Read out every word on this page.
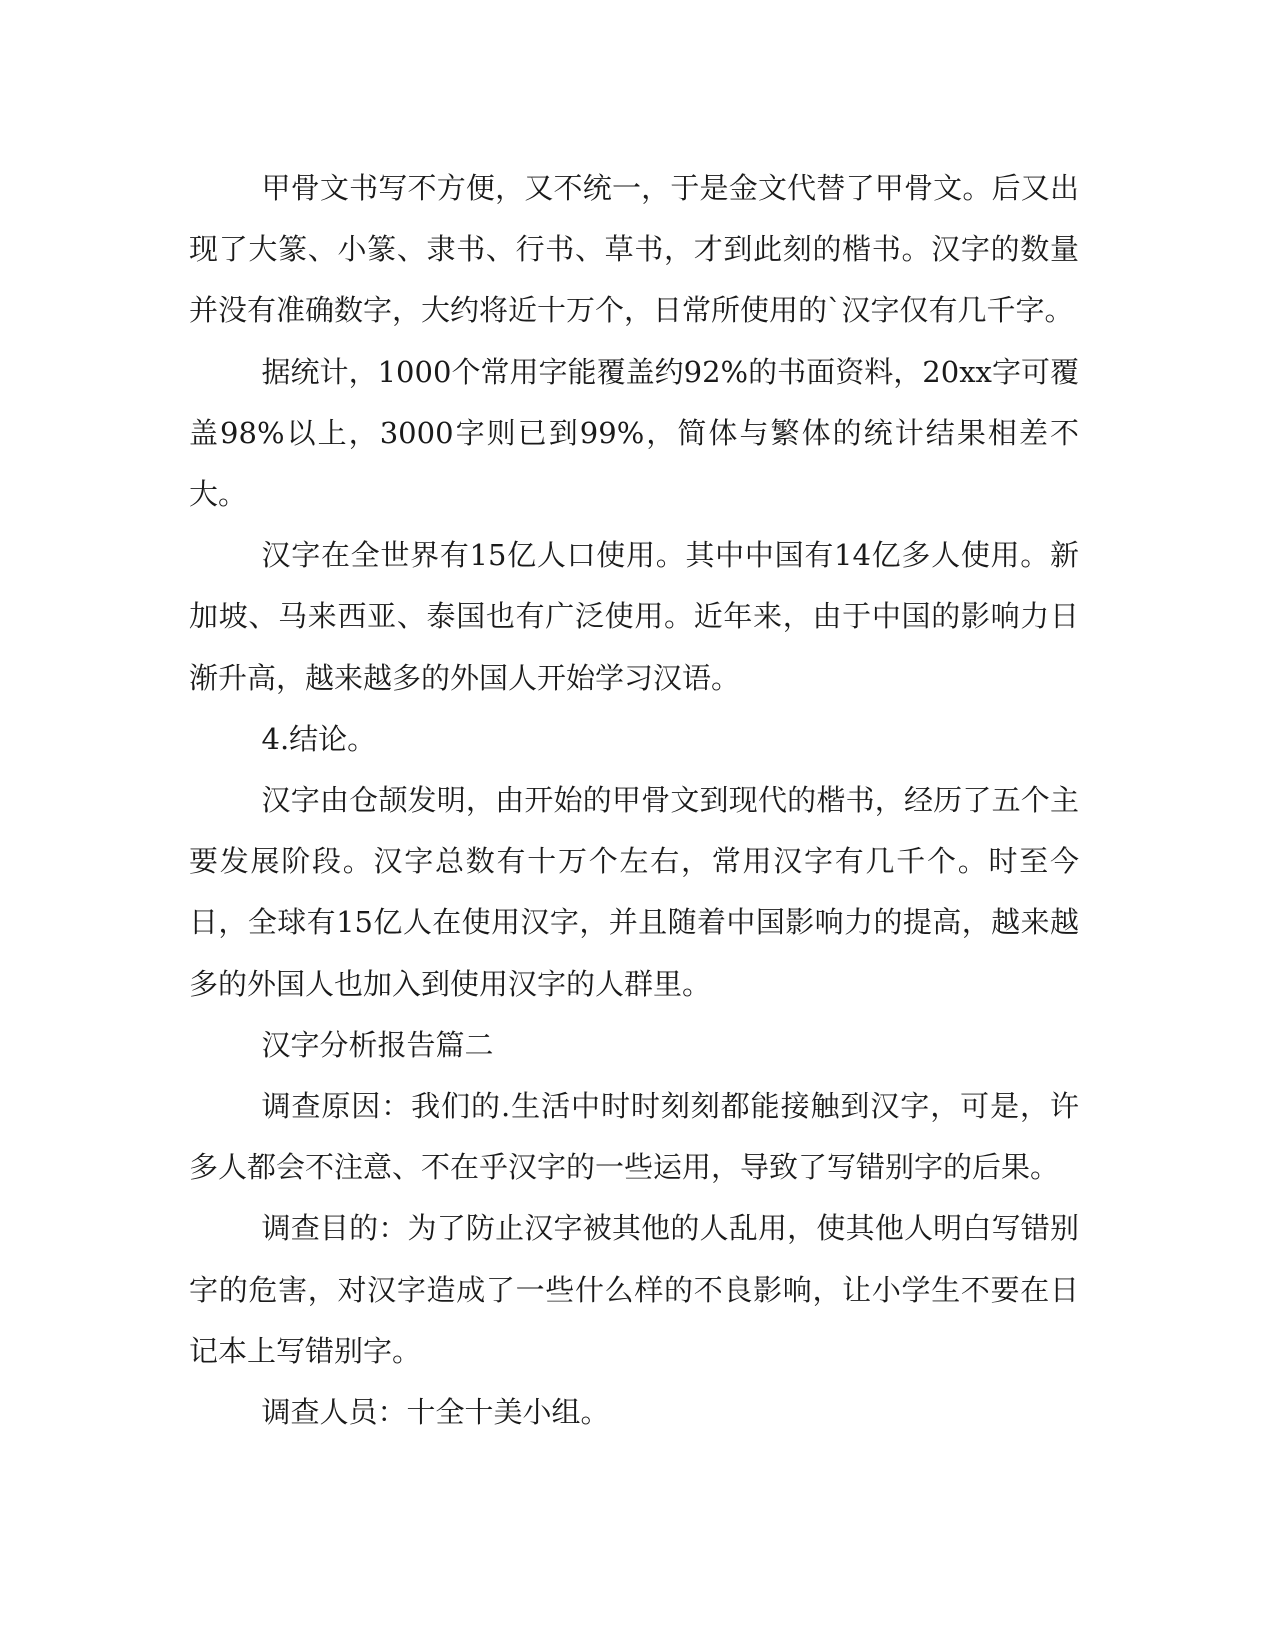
甲骨文书写不方便，又不统一，于是金文代替了甲骨文。后又出现了大篆、小篆、隶书、行书、草书，才到此刻的楷书。汉字的数量并没有准确数字，大约将近十万个，日常所使用的`汉字仅有几千字。

据统计，1000个常用字能覆盖约92%的书面资料，20xx字可覆盖98%以上，3000字则已到99%，简体与繁体的统计结果相差不大。

汉字在全世界有15亿人口使用。其中中国有14亿多人使用。新加坡、马来西亚、泰国也有广泛使用。近年来，由于中国的影响力日渐升高，越来越多的外国人开始学习汉语。

4.结论。

汉字由仓颉发明，由开始的甲骨文到现代的楷书，经历了五个主要发展阶段。汉字总数有十万个左右，常用汉字有几千个。时至今日，全球有15亿人在使用汉字，并且随着中国影响力的提高，越来越多的外国人也加入到使用汉字的人群里。

汉字分析报告篇二

调查原因：我们的.生活中时时刻刻都能接触到汉字，可是，许多人都会不注意、不在乎汉字的一些运用，导致了写错别字的后果。

调查目的：为了防止汉字被其他的人乱用，使其他人明白写错别字的危害，对汉字造成了一些什么样的不良影响，让小学生不要在日记本上写错别字。

调查人员：十全十美小组。
